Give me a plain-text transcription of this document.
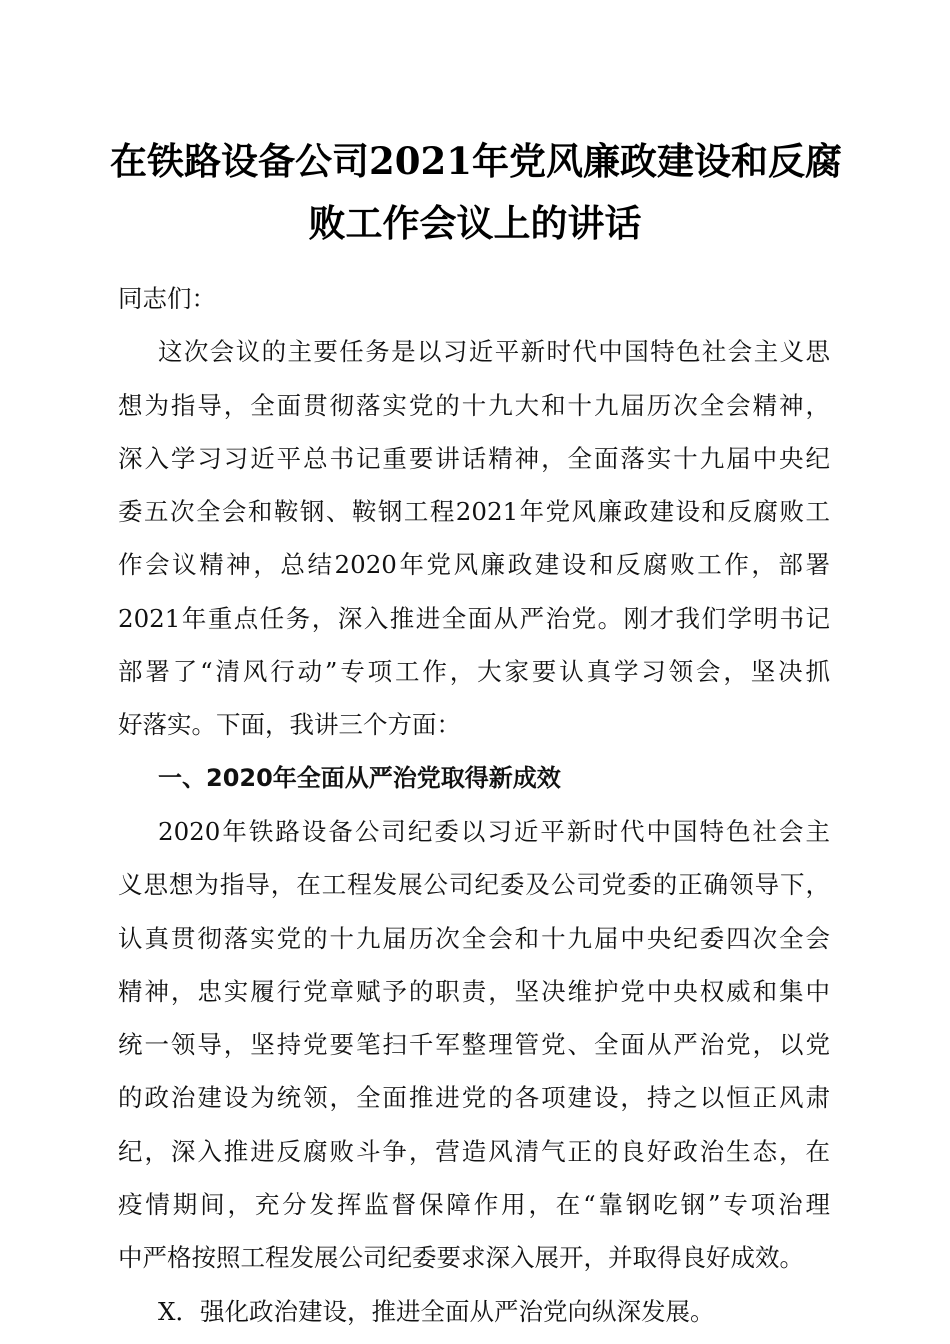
在铁路设备公司2021年党风廉政建设和反腐
败工作会议上的讲话
同志们：
这次会议的主要任务是以习近平新时代中国特色社会主义思
想为指导，全面贯彻落实党的十九大和十九届历次全会精神，
深入学习习近平总书记重要讲话精神，全面落实十九届中央纪
委五次全会和鞍钢、鞍钢工程2021年党风廉政建设和反腐败工
作会议精神，总结2020年党风廉政建设和反腐败工作，部署
2021年重点任务，深入推进全面从严治党。刚才我们学明书记
部署了“清风行动”专项工作，大家要认真学习领会，坚决抓
好落实。下面，我讲三个方面：
一、2020年全面从严治党取得新成效
2020年铁路设备公司纪委以习近平新时代中国特色社会主
义思想为指导，在工程发展公司纪委及公司党委的正确领导下，
认真贯彻落实党的十九届历次全会和十九届中央纪委四次全会
精神，忠实履行党章赋予的职责，坚决维护党中央权威和集中
统一领导，坚持党要笔扫千军整理管党、全面从严治党，以党
的政治建设为统领，全面推进党的各项建设，持之以恒正风肃
纪，深入推进反腐败斗争，营造风清气正的良好政治生态，在
疫情期间，充分发挥监督保障作用，在“靠钢吃钢”专项治理
中严格按照工程发展公司纪委要求深入展开，并取得良好成效。
X．强化政治建设，推进全面从严治党向纵深发展。
